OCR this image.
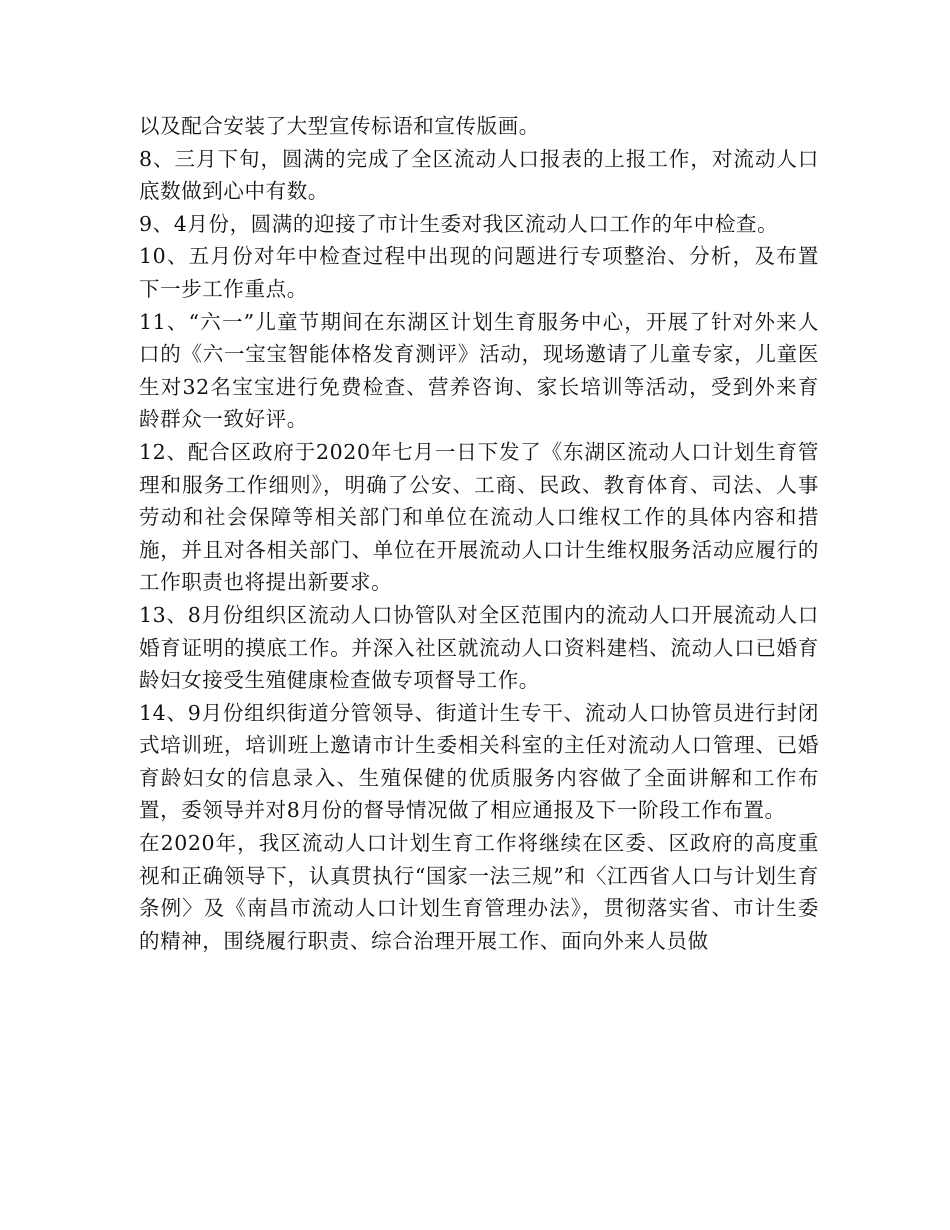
以及配合安装了大型宣传标语和宣传版画。

8、三月下旬，圆满的完成了全区流动人口报表的上报工作，对流动人口底数做到心中有数。

9、4月份，圆满的迎接了市计生委对我区流动人口工作的年中检查。

10、五月份对年中检查过程中出现的问题进行专项整治、分析，及布置下一步工作重点。

11、“六一”儿童节期间在东湖区计划生育服务中心，开展了针对外来人口的《六一宝宝智能体格发育测评》活动，现场邀请了儿童专家，儿童医生对32名宝宝进行免费检查、营养咨询、家长培训等活动，受到外来育龄群众一致好评。

12、配合区政府于2020年七月一日下发了《东湖区流动人口计划生育管理和服务工作细则》，明确了公安、工商、民政、教育体育、司法、人事劳动和社会保障等相关部门和单位在流动人口维权工作的具体内容和措施，并且对各相关部门、单位在开展流动人口计生维权服务活动应履行的工作职责也将提出新要求。

13、8月份组织区流动人口协管队对全区范围内的流动人口开展流动人口婚育证明的摸底工作。并深入社区就流动人口资料建档、流动人口已婚育龄妇女接受生殖健康检查做专项督导工作。

14、9月份组织街道分管领导、街道计生专干、流动人口协管员进行封闭式培训班，培训班上邀请市计生委相关科室的主任对流动人口管理、已婚育龄妇女的信息录入、生殖保健的优质服务内容做了全面讲解和工作布置，委领导并对8月份的督导情况做了相应通报及下一阶段工作布置。

在2020年，我区流动人口计划生育工作将继续在区委、区政府的高度重视和正确领导下，认真贯执行“国家一法三规”和〈江西省人口与计划生育条例〉及《南昌市流动人口计划生育管理办法》，贯彻落实省、市计生委的精神，围绕履行职责、综合治理开展工作、面向外来人员做
